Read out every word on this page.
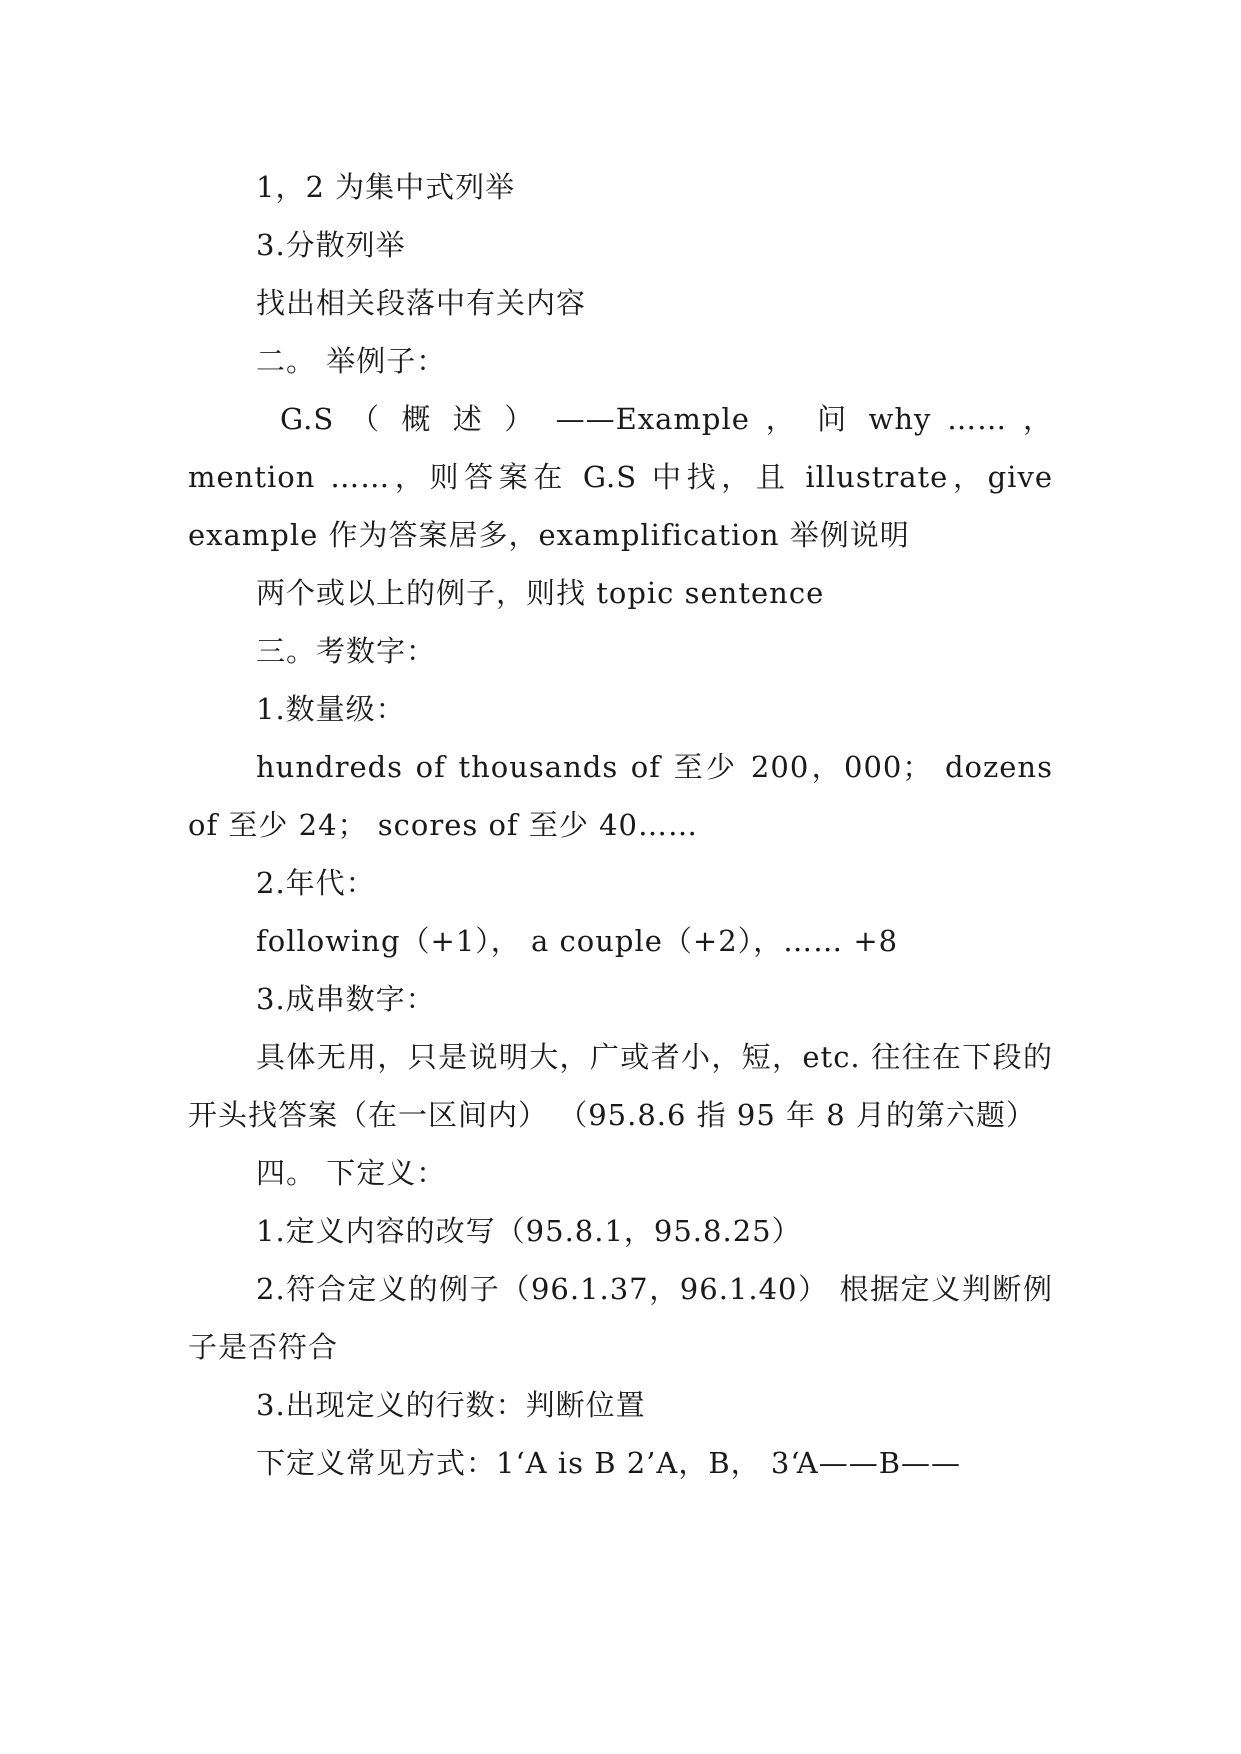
1，2 为集中式列举

3.分散列举

找出相关段落中有关内容

二。 举例子：

G.S （ 概 述 ） ——Example ， 问 why …… ， mention ……，则答案在 G.S 中找，且 illustrate，give example 作为答案居多，examplification 举例说明

两个或以上的例子，则找 topic sentence

三。考数字：

1.数量级：

hundreds of thousands of 至少 200，000； dozens of 至少 24； scores of 至少 40……

2.年代：

following（+1）， a couple（+2），…… +8

3.成串数字：

具体无用，只是说明大，广或者小，短，etc. 往往在下段的开头找答案（在一区间内） （95.8.6 指 95 年 8 月的第六题）

四。 下定义：

1.定义内容的改写（95.8.1，95.8.25）

2.符合定义的例子（96.1.37，96.1.40） 根据定义判断例子是否符合

3.出现定义的行数：判断位置

下定义常见方式：1‘A is B 2’A，B， 3‘A——B——
